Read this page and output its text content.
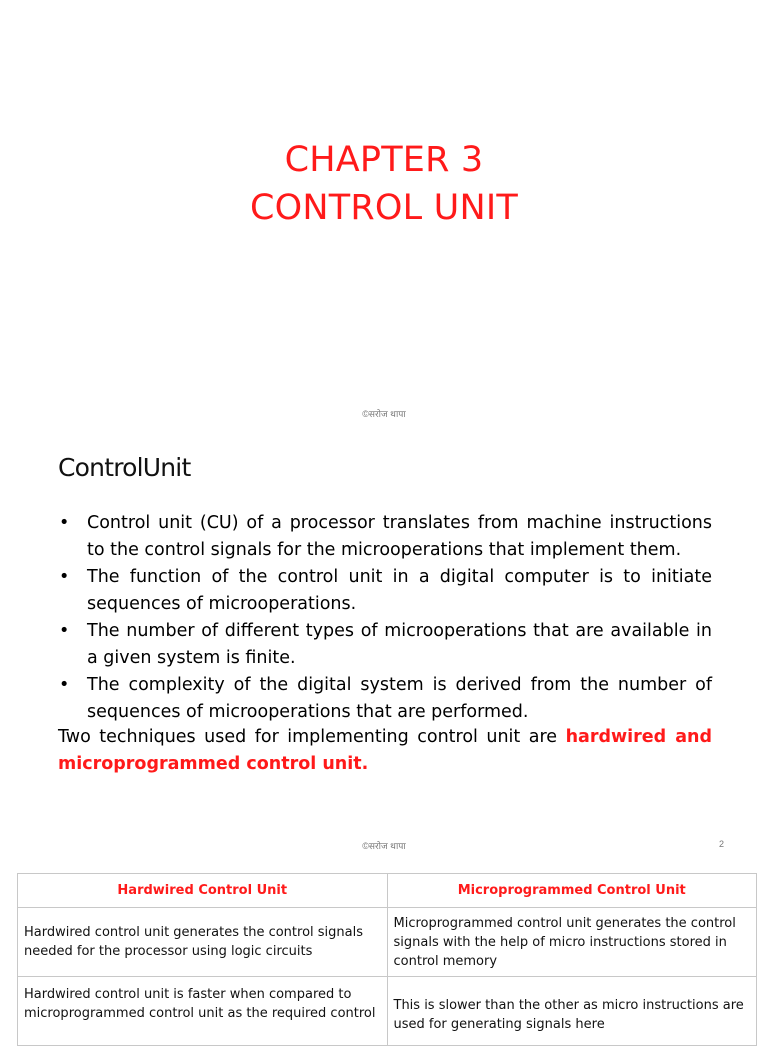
CHAPTER 3
CONTROL UNIT
©सरोज थापा
ControlUnit
• Control unit (CU) of a processor translates from machine instructions to the control signals for the microoperations that implement them.
• The function of the control unit in a digital computer is to initiate sequences of microoperations.
• The number of different types of microoperations that are available in a given system is finite.
• The complexity of the digital system is derived from the number of sequences of microoperations that are performed.
Two techniques used for implementing control unit are hardwired and microprogrammed control unit.
©सरोज थापा	2
Hardwired Control Unit	Microprogrammed Control Unit
Hardwired control unit generates the control signals needed for the processor using logic circuits	Microprogrammed control unit generates the control signals with the help of micro instructions stored in control memory
Hardwired control unit is faster when compared to microprogrammed control unit as the required control	This is slower than the other as micro instructions are used for generating signals here
